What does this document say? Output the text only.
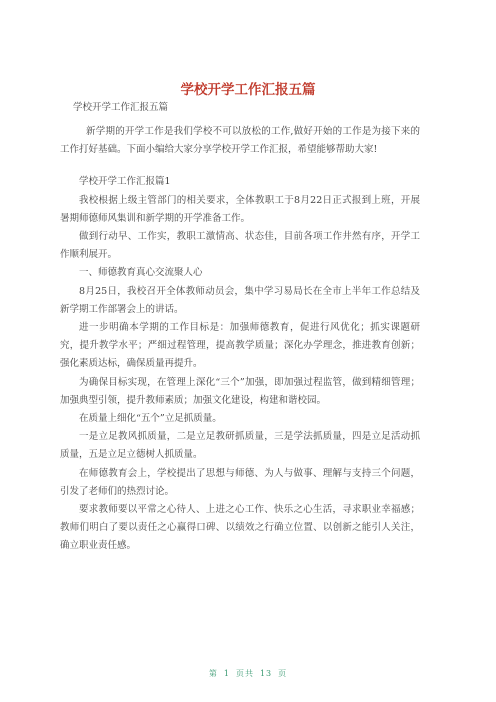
学校开学工作汇报五篇
学校开学工作汇报五篇

新学期的开学工作是我们学校不可以放松的工作,做好开始的工作是为接下来的工作打好基础。下面小编给大家分享学校开学工作汇报，希望能够帮助大家!

学校开学工作汇报篇1

我校根据上级主管部门的相关要求，全体教职工于8月22日正式报到上班，开展暑期师德师风集训和新学期的开学准备工作。

做到行动早、工作实，教职工激情高、状态佳，目前各项工作井然有序，开学工作顺利展开。

一、师德教育真心交流聚人心

8月25日，我校召开全体教师动员会，集中学习易局长在全市上半年工作总结及新学期工作部署会上的讲话。

进一步明确本学期的工作目标是：加强师德教育，促进行风优化；抓实课题研究，提升教学水平；严细过程管理，提高教学质量；深化办学理念，推进教育创新；强化素质达标，确保质量再提升。

为确保目标实现，在管理上深化“三个”加强，即加强过程监管，做到精细管理；加强典型引领，提升教师素质；加强文化建设，构建和谐校园。

在质量上细化“五个”立足抓质量。

一是立足教风抓质量，二是立足教研抓质量，三是学法抓质量，四是立足活动抓质量，五是立足立德树人抓质量。

在师德教育会上，学校提出了思想与师德、为人与做事、理解与支持三个问题，引发了老师们的热烈讨论。

要求教师要以平常之心待人、上进之心工作、快乐之心生活，寻求职业幸福感；教师们明白了要以责任之心赢得口碑、以绩效之行确立位置、以创新之能引人关注，确立职业责任感。

第 1 页共 13 页
